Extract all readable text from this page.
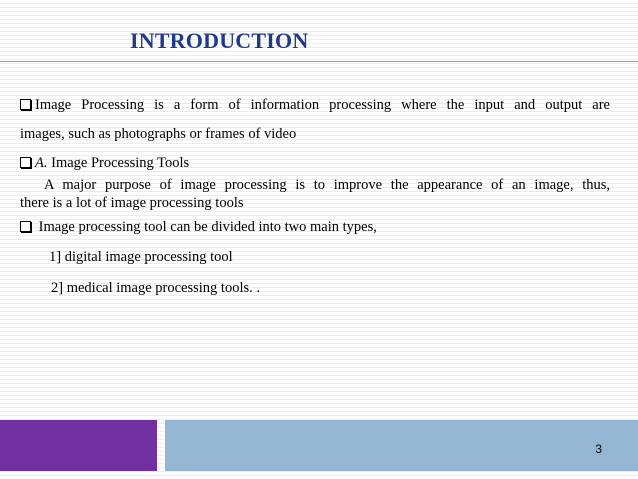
INTRODUCTION
Image Processing is a form of information processing where the input and output are
images, such as photographs or frames of video
A. Image Processing Tools
A major purpose of image processing is to improve the appearance of an image, thus,
there is a lot of image processing tools
Image processing tool can be divided into two main types,
1] digital image processing tool
2] medical image processing tools. .
3
